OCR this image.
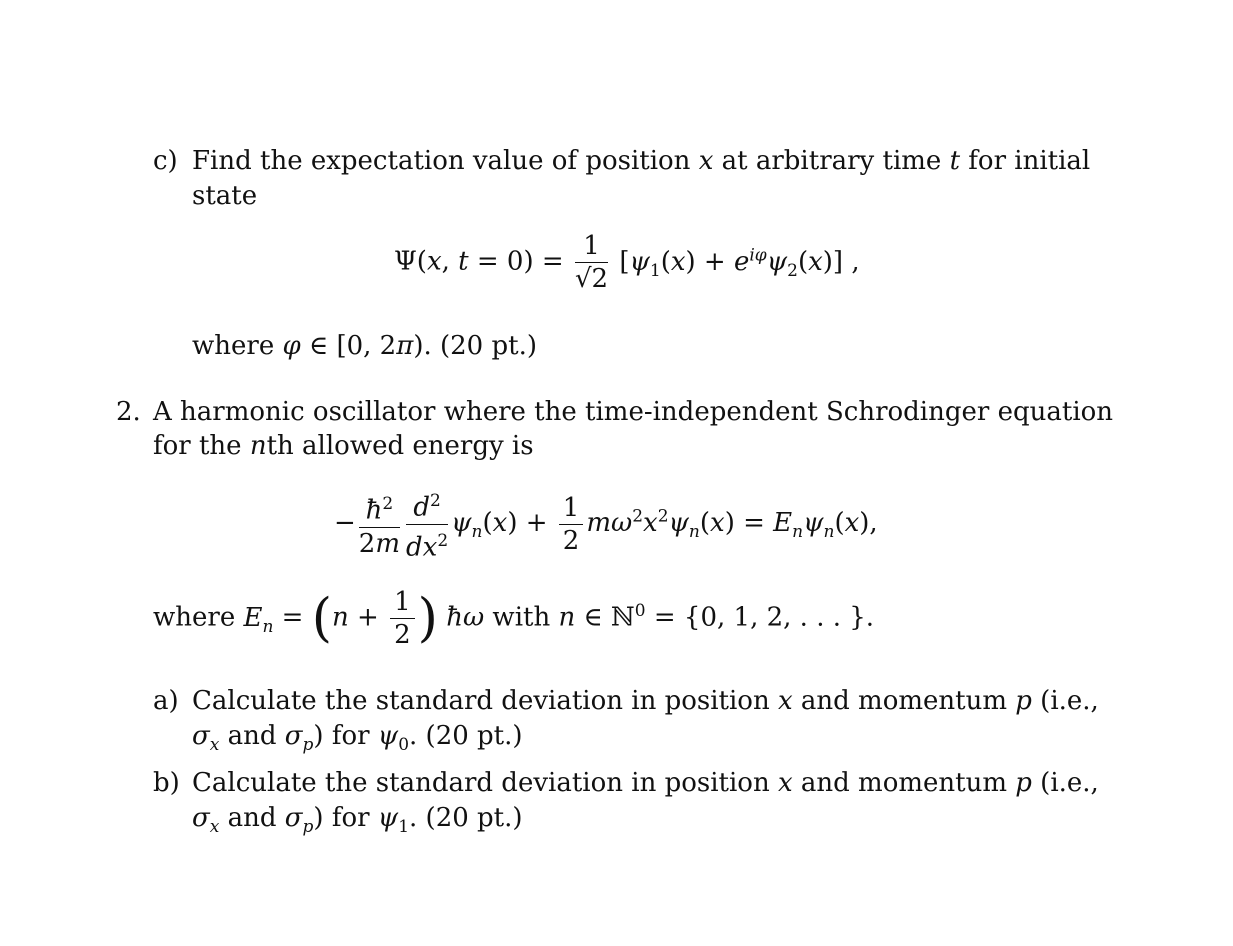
c) Find the expectation value of position x at arbitrary time t for initial
state
Ψ(x, $t = 0) = \frac{1}{√2} [\psi_1(x) + e^{i\varphi}\psi_2(x)]$ ,
where φ ∈ [0, 2π). (20 pt.)
2. A harmonic oscillator where the time-independent Schrodinger equation
for the nth allowed energy is
− $\frac{ħ^2}{2m} \frac{d^2}{dx^2} \psi_n(x) + \frac{1}{2} m\omega^2x^2\psi_n(x) = E_n\psi_n(x)$,
where $E_n = (n + \frac{1}{2}$ ) ħω with n ∈ ℕ$^0$ = {0, 1, 2, . . . }.
a) Calculate the standard deviation in position x and momentum p (i.e.,
$\sigma_x$ and $\sigma_p$) for $\psi_0$. (20 pt.)
b) Calculate the standard deviation in position x and momentum p (i.e.,
$\sigma_x$ and $\sigma_p$) for $\psi_1$. (20 pt.)
